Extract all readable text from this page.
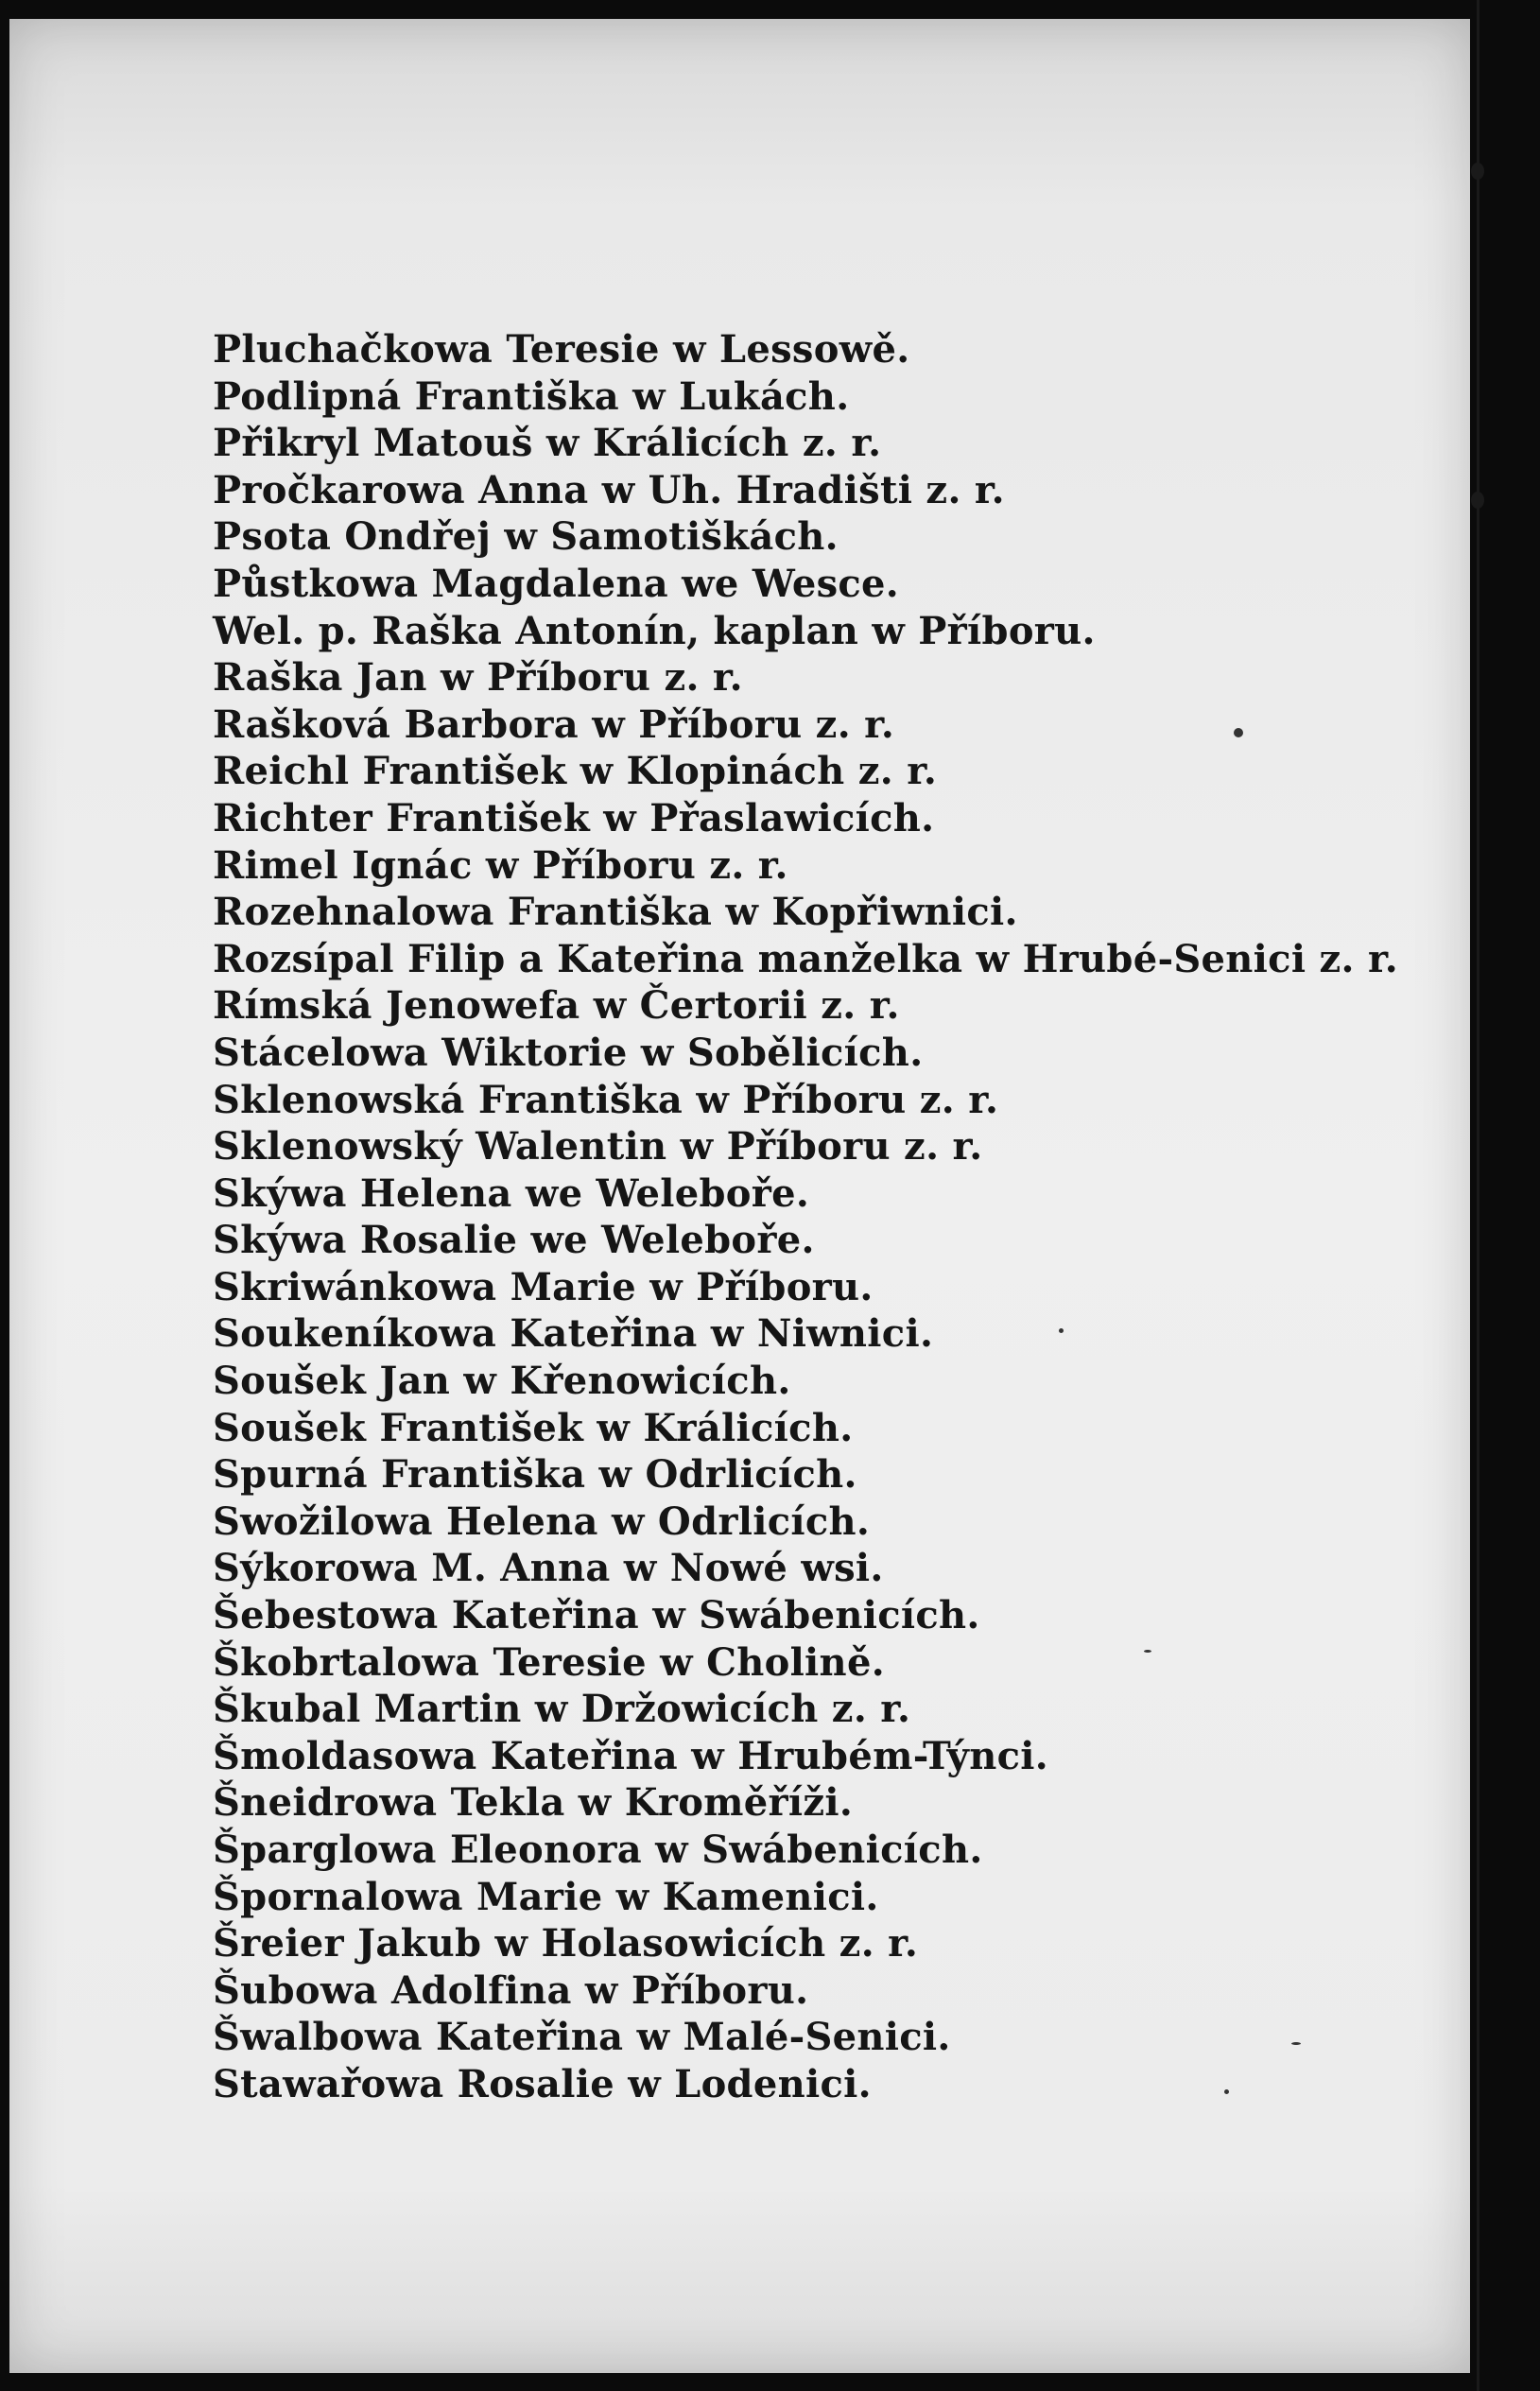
Pluchačkowa Teresie w Lessowě.
Podlipná Františka w Lukách.
Přikryl Matouš w Králicích z. r.
Pročkarowa Anna w Uh. Hradišti z. r.
Psota Ondřej w Samotiškách.
Půstkowa Magdalena we Wesce.
Wel. p. Raška Antonín, kaplan w Příboru.
Raška Jan w Příboru z. r.
Rašková Barbora w Příboru z. r.
Reichl František w Klopinách z. r.
Richter František w Přaslawicích.
Rimel Ignác w Příboru z. r.
Rozehnalowa Františka w Kopřiwnici.
Rozsípal Filip a Kateřina manželka w Hrubé-Senici z. r.
Rímská Jenowefa w Čertorii z. r.
Stácelowa Wiktorie w Sobělicích.
Sklenowská Františka w Příboru z. r.
Sklenowský Walentin w Příboru z. r.
Skýwa Helena we Weleboře.
Skýwa Rosalie we Weleboře.
Skriwánkowa Marie w Příboru.
Soukeníkowa Kateřina w Niwnici.
Soušek Jan w Křenowicích.
Soušek František w Králicích.
Spurná Františka w Odrlicích.
Swožilowa Helena w Odrlicích.
Sýkorowa M. Anna w Nowé wsi.
Šebestowa Kateřina w Swábenicích.
Škobrtalowa Teresie w Cholině.
Škubal Martin w Držowicích z. r.
Šmoldasowa Kateřina w Hrubém-Týnci.
Šneidrowa Tekla w Kroměříži.
Šparglowa Eleonora w Swábenicích.
Špornalowa Marie w Kamenici.
Šreier Jakub w Holasowicích z. r.
Šubowa Adolfina w Příboru.
Šwalbowa Kateřina w Malé-Senici.
Stawařowa Rosalie w Lodenici.
